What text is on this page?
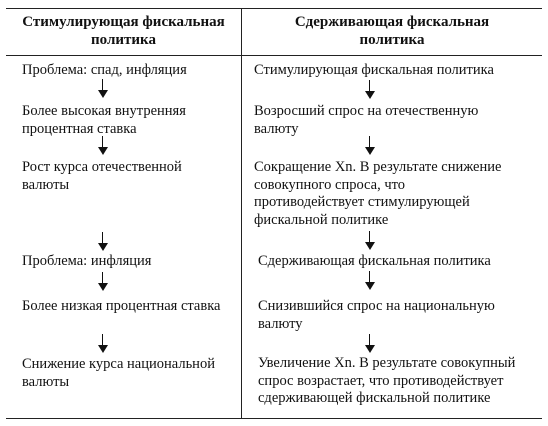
Стимулирующая фискальная
политика
Сдерживающая фискальная
политика
Проблема: спад, инфляция
Более высокая внутренняя
процентная ставка
Рост курса отечественной
валюты
Проблема: инфляция
Более низкая процентная ставка
Снижение курса национальной
валюты
Стимулирующая фискальная политика
Возросший спрос на отечественную
валюту
Сокращение Xn. В результате снижение
совокупного спроса, что
противодействует стимулирующей
фискальной политике
Сдерживающая фискальная политика
Снизившийся спрос на национальную
валюту
Увеличение Xn. В результате совокупный
спрос возрастает, что противодействует
сдерживающей фискальной политике
